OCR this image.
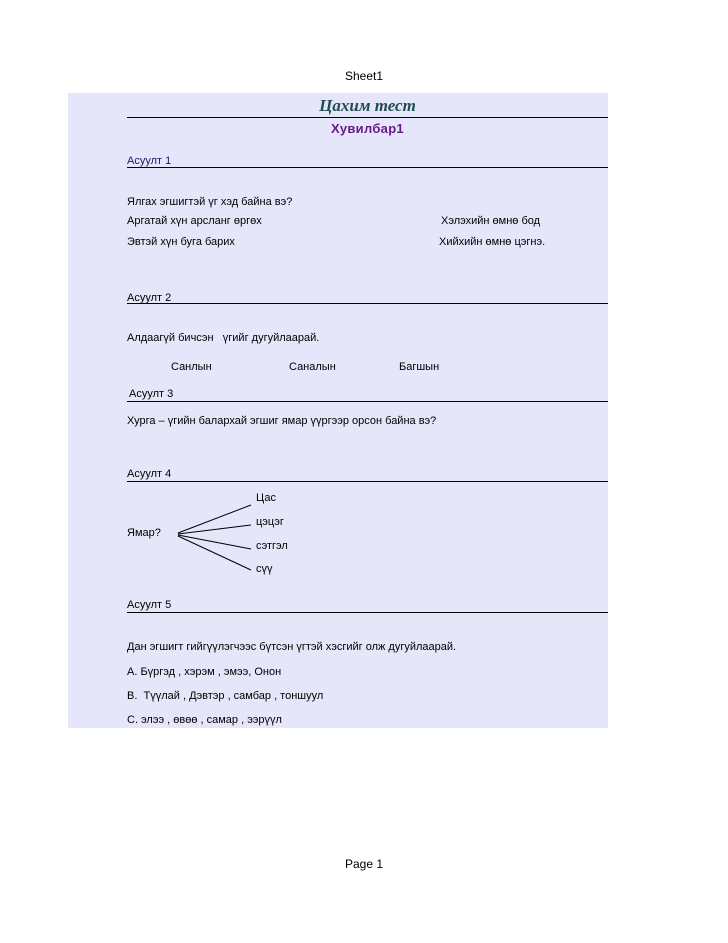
Sheet1
Цахим тест
Хувилбар1
Асуулт 1
Ялгах эгшигтэй үг хэд байна вэ?
Аргатай хүн арсланг өргөх	Хэлэхийн өмнө бод
Эвтэй хүн буга барих	Хийхийн өмнө цэгнэ.
Асуулт 2
Алдаагүй бичсэн   үгийг дугуйлаарай.
Санлын	Саналын	Багшын
Асуулт 3
Хурга – үгийн балархай эгшиг ямар үүргээр орсон байна вэ?
Асуулт 4
Цас
цэцэг
Ямар?
сэтгэл
сүү
Асуулт 5
Дан эгшигт гийгүүлэгчээс бүтсэн үгтэй хэсгийг олж дугуйлаарай.
A. Бүргэд , хэрэм , эмээ, Онон
B.  Түүлай , Дэвтэр , самбар , тоншуул
C. элээ , өвөө , самар , ээрүүл
Page 1
